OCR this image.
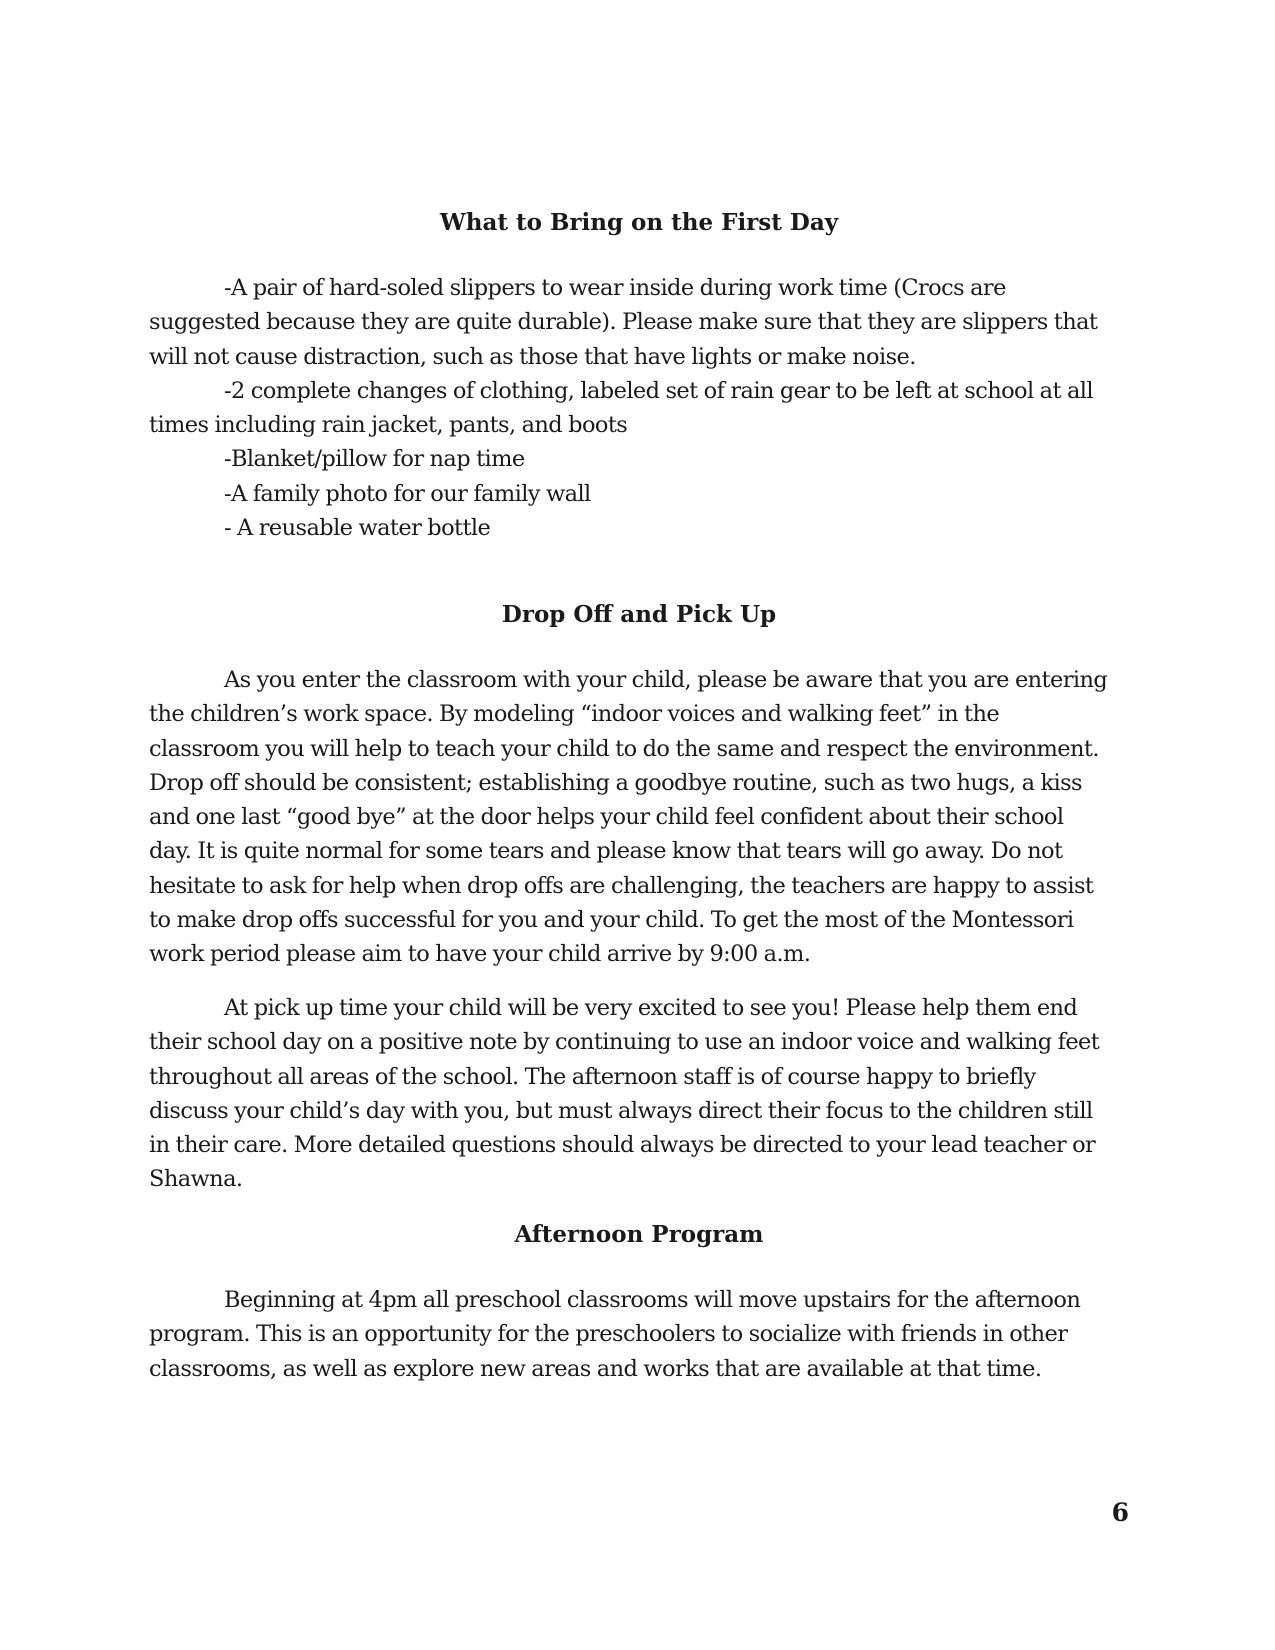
What to Bring on the First Day
-A pair of hard-soled slippers to wear inside during work time (Crocs are
suggested because they are quite durable). Please make sure that they are slippers that
will not cause distraction, such as those that have lights or make noise.
-2 complete changes of clothing, labeled set of rain gear to be left at school at all
times including rain jacket, pants, and boots
-Blanket/pillow for nap time
-A family photo for our family wall
- A reusable water bottle
Drop Off and Pick Up
As you enter the classroom with your child, please be aware that you are entering
the children’s work space. By modeling “indoor voices and walking feet” in the
classroom you will help to teach your child to do the same and respect the environment.
Drop off should be consistent; establishing a goodbye routine, such as two hugs, a kiss
and one last “good bye” at the door helps your child feel confident about their school
day. It is quite normal for some tears and please know that tears will go away. Do not
hesitate to ask for help when drop offs are challenging, the teachers are happy to assist
to make drop offs successful for you and your child. To get the most of the Montessori
work period please aim to have your child arrive by 9:00 a.m.
At pick up time your child will be very excited to see you! Please help them end
their school day on a positive note by continuing to use an indoor voice and walking feet
throughout all areas of the school. The afternoon staff is of course happy to briefly
discuss your child’s day with you, but must always direct their focus to the children still
in their care. More detailed questions should always be directed to your lead teacher or
Shawna.
Afternoon Program
Beginning at 4pm all preschool classrooms will move upstairs for the afternoon
program. This is an opportunity for the preschoolers to socialize with friends in other
classrooms, as well as explore new areas and works that are available at that time.
6
